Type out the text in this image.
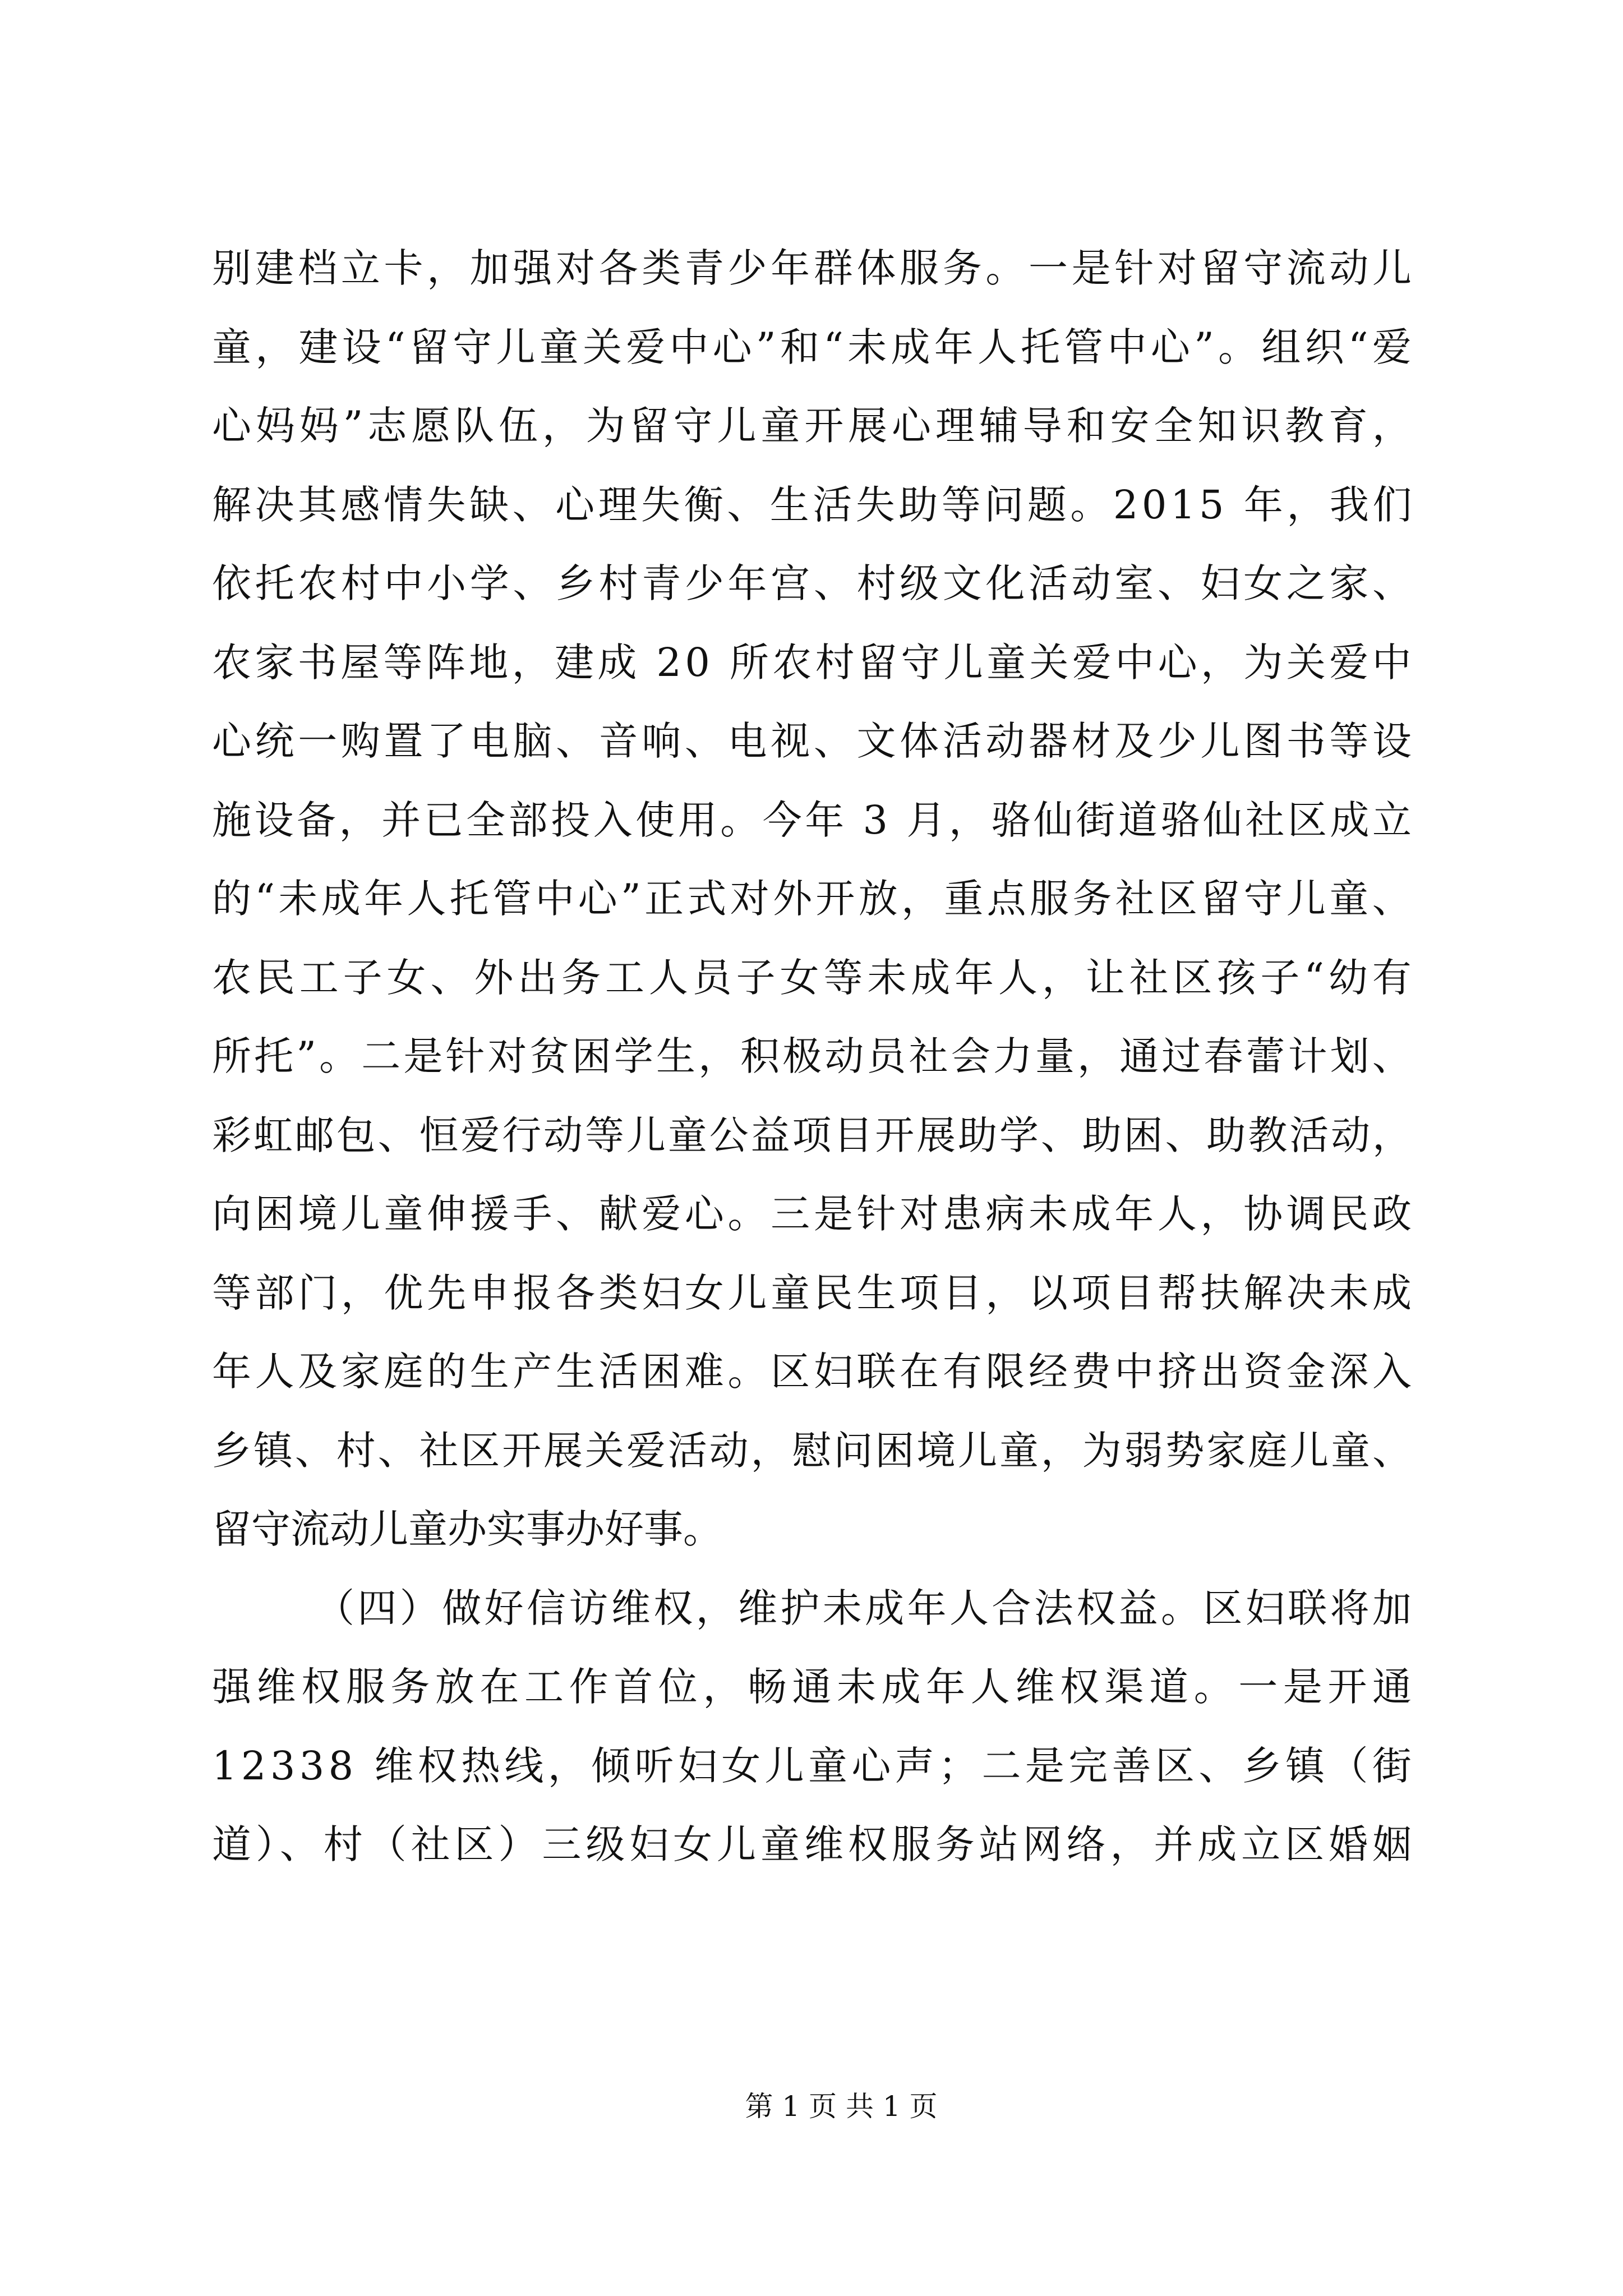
别建档立卡，加强对各类青少年群体服务。一是针对留守流动儿
童，建设“留守儿童关爱中心”和“未成年人托管中心”。组织“爱
心妈妈”志愿队伍，为留守儿童开展心理辅导和安全知识教育，
解决其感情失缺、心理失衡、生活失助等问题。2015 年，我们
依托农村中小学、乡村青少年宫、村级文化活动室、妇女之家、
农家书屋等阵地，建成 20 所农村留守儿童关爱中心，为关爱中
心统一购置了电脑、音响、电视、文体活动器材及少儿图书等设
施设备，并已全部投入使用。今年 3 月，骆仙街道骆仙社区成立
的“未成年人托管中心”正式对外开放，重点服务社区留守儿童、
农民工子女、外出务工人员子女等未成年人，让社区孩子“幼有
所托”。二是针对贫困学生，积极动员社会力量，通过春蕾计划、
彩虹邮包、恒爱行动等儿童公益项目开展助学、助困、助教活动，
向困境儿童伸援手、献爱心。三是针对患病未成年人，协调民政
等部门，优先申报各类妇女儿童民生项目，以项目帮扶解决未成
年人及家庭的生产生活困难。区妇联在有限经费中挤出资金深入
乡镇、村、社区开展关爱活动，慰问困境儿童，为弱势家庭儿童、
留守流动儿童办实事办好事。
（四）做好信访维权，维护未成年人合法权益。区妇联将加
强维权服务放在工作首位，畅通未成年人维权渠道。一是开通
12338 维权热线，倾听妇女儿童心声；二是完善区、乡镇（街
道）、村（社区）三级妇女儿童维权服务站网络，并成立区婚姻
第 1 页 共 1 页
